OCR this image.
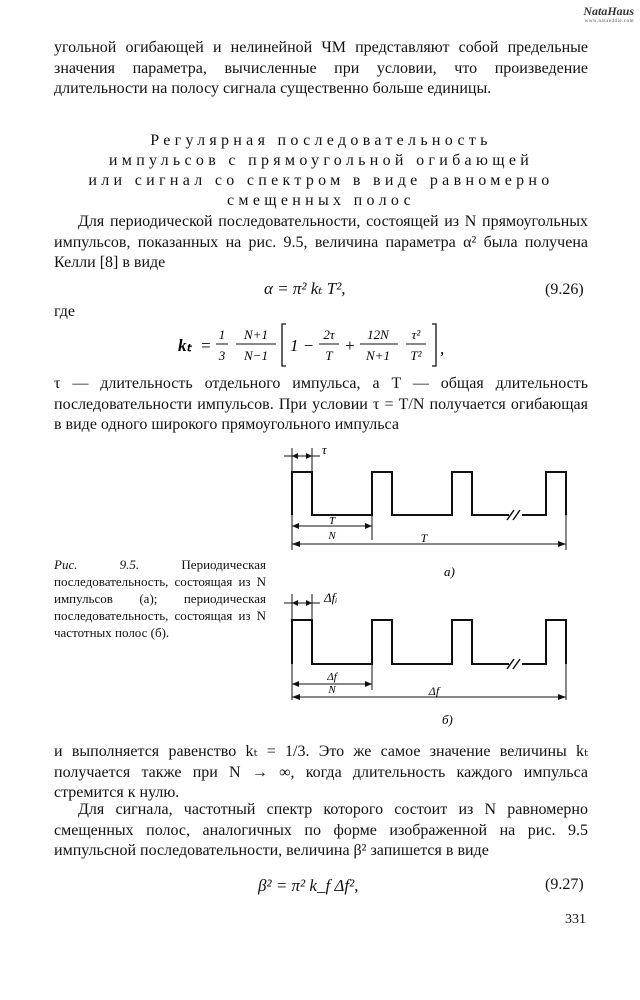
NataHaus
www.nataeddie.com
угольной огибающей и нелинейной ЧМ представляют собой предельные значения параметра, вычисленные при условии, что произведение длительности на полосу сигнала существенно больше единицы.
Регулярная последовательность
импульсов с прямоугольной огибающей
или сигнал со спектром в виде равномерно
смещенных полос
Для периодической последовательности, состоящей из N прямоугольных импульсов, показанных на рис. 9.5, величина параметра α² была получена Келли [8] в виде
α = π² kₜ T²,	(9.26)
где
kₜ =
1
3
N+1
N−1
1 −
2τ
T
+
12N
N+1
τ²
T² ,
τ — длительность отдельного импульса, а T — общая длительность последовательности импульсов. При условии τ = T/N получается огибающая в виде одного широкого прямоугольного импульса
τ
T
N	T
а)
Δfᵢ
Δf
N	Δf
б)
Рис. 9.5.	Периодическая последовательность, состоящая из N импульсов (а); периодическая последовательность, состоящая из N частотных полос (б).
и выполняется равенство kₜ = 1/3. Это же самое значение величины kₜ получается также при N → ∞, когда длительность каждого импульса стремится к нулю.
Для сигнала, частотный спектр которого состоит из N равномерно смещенных полос, аналогичных по форме изображенной на рис. 9.5 импульсной последовательности, величина β² запишется в виде
β² = π² k_f Δf²,	(9.27)
331
